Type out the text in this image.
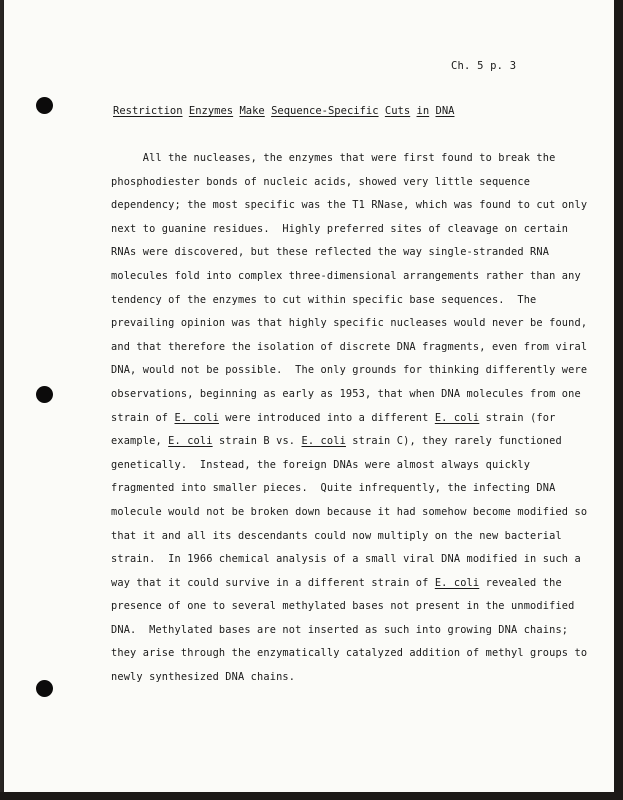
Ch. 5 p. 3
Restriction Enzymes Make Sequence-Specific Cuts in DNA
All the nucleases, the enzymes that were first found to break the
phosphodiester bonds of nucleic acids, showed very little sequence
dependency; the most specific was the T1 RNase, which was found to cut only
next to guanine residues.  Highly preferred sites of cleavage on certain
RNAs were discovered, but these reflected the way single-stranded RNA
molecules fold into complex three-dimensional arrangements rather than any
tendency of the enzymes to cut within specific base sequences.  The
prevailing opinion was that highly specific nucleases would never be found,
and that therefore the isolation of discrete DNA fragments, even from viral
DNA, would not be possible.  The only grounds for thinking differently were
observations, beginning as early as 1953, that when DNA molecules from one
strain of E. coli were introduced into a different E. coli strain (for
example, E. coli strain B vs. E. coli strain C), they rarely functioned
genetically.  Instead, the foreign DNAs were almost always quickly
fragmented into smaller pieces.  Quite infrequently, the infecting DNA
molecule would not be broken down because it had somehow become modified so
that it and all its descendants could now multiply on the new bacterial
strain.  In 1966 chemical analysis of a small viral DNA modified in such a
way that it could survive in a different strain of E. coli revealed the
presence of one to several methylated bases not present in the unmodified
DNA.  Methylated bases are not inserted as such into growing DNA chains;
they arise through the enzymatically catalyzed addition of methyl groups to
newly synthesized DNA chains.
